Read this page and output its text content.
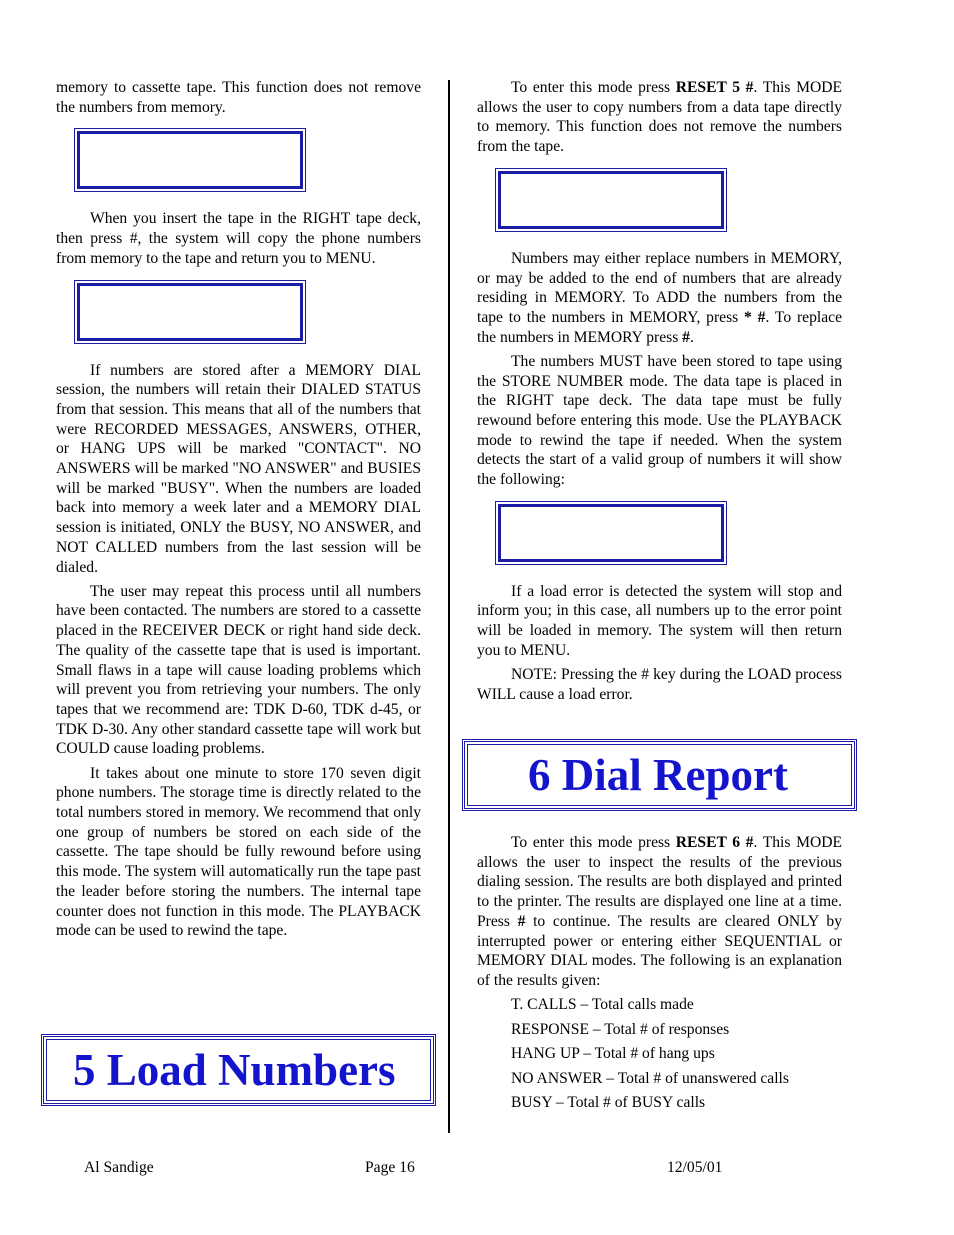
memory to cassette tape. This function does not remove the numbers from memory.

When you insert the tape in the RIGHT tape deck, then press #, the system will copy the phone numbers from memory to the tape and return you to MENU.

If numbers are stored after a MEMORY DIAL session, the numbers will retain their DIALED STATUS from that session. This means that all of the numbers that were RECORDED MESSAGES, ANSWERS, OTHER, or HANG UPS will be marked "CONTACT". NO ANSWERS will be marked "NO ANSWER" and BUSIES will be marked "BUSY". When the numbers are loaded back into memory a week later and a MEMORY DIAL session is initiated, ONLY the BUSY, NO ANSWER, and NOT CALLED numbers from the last session will be dialed.

The user may repeat this process until all numbers have been contacted. The numbers are stored to a cassette placed in the RECEIVER DECK or right hand side deck. The quality of the cassette tape that is used is important. Small flaws in a tape will cause loading problems which will prevent you from retrieving your numbers. The only tapes that we recommend are: TDK D-60, TDK d-45, or TDK D-30. Any other standard cassette tape will work but COULD cause loading problems.

It takes about one minute to store 170 seven digit phone numbers. The storage time is directly related to the total numbers stored in memory. We recommend that only one group of numbers be stored on each side of the cassette. The tape should be fully rewound before using this mode. The system will automatically run the tape past the leader before storing the numbers. The internal tape counter does not function in this mode. The PLAYBACK mode can be used to rewind the tape.

5 Load Numbers

To enter this mode press RESET 5 #. This MODE allows the user to copy numbers from a data tape directly to memory. This function does not remove the numbers from the tape.

Numbers may either replace numbers in MEMORY, or may be added to the end of numbers that are already residing in MEMORY. To ADD the numbers from the tape to the numbers in MEMORY, press * #. To replace the numbers in MEMORY press #.

The numbers MUST have been stored to tape using the STORE NUMBER mode. The data tape is placed in the RIGHT tape deck. The data tape must be fully rewound before entering this mode. Use the PLAYBACK mode to rewind the tape if needed. When the system detects the start of a valid group of numbers it will show the following:

If a load error is detected the system will stop and inform you; in this case, all numbers up to the error point will be loaded in memory. The system will then return you to MENU.

NOTE: Pressing the # key during the LOAD process WILL cause a load error.

6 Dial Report

To enter this mode press RESET 6 #. This MODE allows the user to inspect the results of the previous dialing session. The results are both displayed and printed to the printer. The results are displayed one line at a time. Press # to continue. The results are cleared ONLY by interrupted power or entering either SEQUENTIAL or MEMORY DIAL modes. The following is an explanation of the results given:

T. CALLS – Total calls made

RESPONSE – Total # of responses

HANG UP – Total # of hang ups

NO ANSWER – Total # of unanswered calls

BUSY – Total # of BUSY calls

Al Sandige	Page 16	12/05/01
